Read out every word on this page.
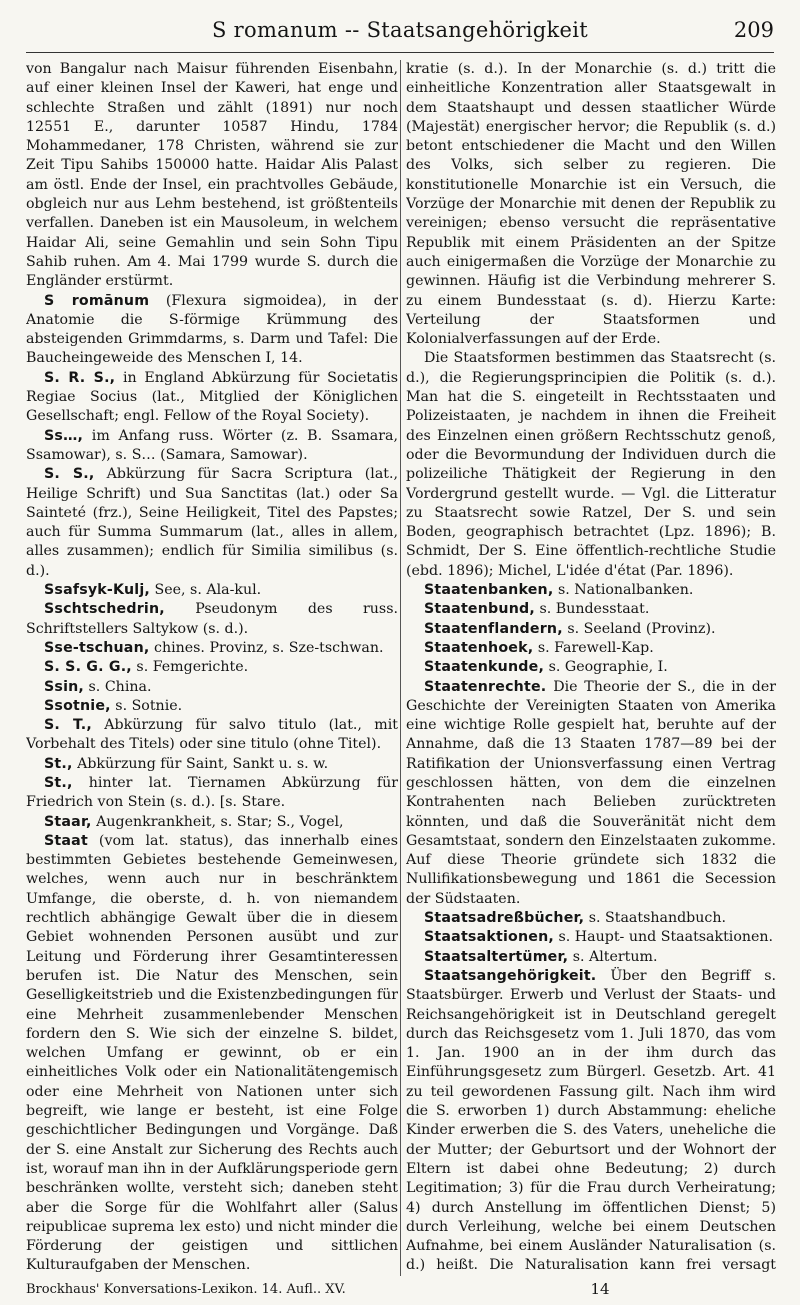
S romanum -- Staatsangehörigkeit	209

von Bangalur nach Maisur führenden Eisenbahn, auf einer kleinen Insel der Kaweri, hat enge und schlechte Straßen und zählt (1891) nur noch 12551 E., darunter 10587 Hindu, 1784 Mohammedaner, 178 Christen, während sie zur Zeit Tipu Sahibs 150000 hatte. Haidar Alis Palast am östl. Ende der Insel, ein prachtvolles Gebäude, obgleich nur aus Lehm bestehend, ist größtenteils verfallen. Daneben ist ein Mausoleum, in welchem Haidar Ali, seine Gemahlin und sein Sohn Tipu Sahib ruhen. Am 4. Mai 1799 wurde S. durch die Engländer erstürmt.

S romānum (Flexura sigmoidea), in der Anatomie die S-förmige Krümmung des absteigenden Grimmdarms, s. Darm und Tafel: Die Baucheingeweide des Menschen I, 14.

S. R. S., in England Abkürzung für Societatis Regiae Socius (lat., Mitglied der Königlichen Gesellschaft; engl. Fellow of the Royal Society).

Ss…, im Anfang russ. Wörter (z. B. Ssamara, Ssamowar), s. S… (Samara, Samowar).

S. S., Abkürzung für Sacra Scriptura (lat., Heilige Schrift) und Sua Sanctitas (lat.) oder Sa Sainteté (frz.), Seine Heiligkeit, Titel des Papstes; auch für Summa Summarum (lat., alles in allem, alles zusammen); endlich für Similia similibus (s. d.).

Ssafsyk-Kulj, See, s. Ala-kul.

Sschtschedrin, Pseudonym des russ. Schriftstellers Saltykow (s. d.).

Sse-tschuan, chines. Provinz, s. Sze-tschwan.

S. S. G. G., s. Femgerichte.

Ssin, s. China.

Ssotnie, s. Sotnie.

S. T., Abkürzung für salvo titulo (lat., mit Vorbehalt des Titels) oder sine titulo (ohne Titel).

St., Abkürzung für Saint, Sankt u. s. w.

St., hinter lat. Tiernamen Abkürzung für Friedrich von Stein (s. d.). [s. Stare.

Staar, Augenkrankheit, s. Star; S., Vogel,

Staat (vom lat. status), das innerhalb eines bestimmten Gebietes bestehende Gemeinwesen, welches, wenn auch nur in beschränktem Umfange, die oberste, d. h. von niemandem rechtlich abhängige Gewalt über die in diesem Gebiet wohnenden Personen ausübt und zur Leitung und Förderung ihrer Gesamtinteressen berufen ist. Die Natur des Menschen, sein Geselligkeitstrieb und die Existenzbedingungen für eine Mehrheit zusammenlebender Menschen fordern den S. Wie sich der einzelne S. bildet, welchen Umfang er gewinnt, ob er ein einheitliches Volk oder ein Nationalitätengemisch oder eine Mehrheit von Nationen unter sich begreift, wie lange er besteht, ist eine Folge geschichtlicher Bedingungen und Vorgänge. Daß der S. eine Anstalt zur Sicherung des Rechts auch ist, worauf man ihn in der Aufklärungsperiode gern beschränken wollte, versteht sich; daneben steht aber die Sorge für die Wohlfahrt aller (Salus reipublicae suprema lex esto) und nicht minder die Förderung der geistigen und sittlichen Kulturaufgaben der Menschen.

kratie (s. d.). In der Monarchie (s. d.) tritt die einheitliche Konzentration aller Staatsgewalt in dem Staatshaupt und dessen staatlicher Würde (Majestät) energischer hervor; die Republik (s. d.) betont entschiedener die Macht und den Willen des Volks, sich selber zu regieren. Die konstitutionelle Monarchie ist ein Versuch, die Vorzüge der Monarchie mit denen der Republik zu vereinigen; ebenso versucht die repräsentative Republik mit einem Präsidenten an der Spitze auch einigermaßen die Vorzüge der Monarchie zu gewinnen. Häufig ist die Verbindung mehrerer S. zu einem Bundesstaat (s. d). Hierzu Karte: Verteilung der Staatsformen und Kolonialverfassungen auf der Erde.

Die Staatsformen bestimmen das Staatsrecht (s. d.), die Regierungsprincipien die Politik (s. d.). Man hat die S. eingeteilt in Rechtsstaaten und Polizeistaaten, je nachdem in ihnen die Freiheit des Einzelnen einen größern Rechtsschutz genoß, oder die Bevormundung der Individuen durch die polizeiliche Thätigkeit der Regierung in den Vordergrund gestellt wurde. — Vgl. die Litteratur zu Staatsrecht sowie Ratzel, Der S. und sein Boden, geographisch betrachtet (Lpz. 1896); B. Schmidt, Der S. Eine öffentlich-rechtliche Studie (ebd. 1896); Michel, L'idée d'état (Par. 1896).

Staatenbanken, s. Nationalbanken.

Staatenbund, s. Bundesstaat.

Staatenflandern, s. Seeland (Provinz).

Staatenhoek, s. Farewell-Kap.

Staatenkunde, s. Geographie, I.

Staatenrechte. Die Theorie der S., die in der Geschichte der Vereinigten Staaten von Amerika eine wichtige Rolle gespielt hat, beruhte auf der Annahme, daß die 13 Staaten 1787—89 bei der Ratifikation der Unionsverfassung einen Vertrag geschlossen hätten, von dem die einzelnen Kontrahenten nach Belieben zurücktreten könnten, und daß die Souveränität nicht dem Gesamtstaat, sondern den Einzelstaaten zukomme. Auf diese Theorie gründete sich 1832 die Nullifikationsbewegung und 1861 die Secession der Südstaaten.

Staatsadreßbücher, s. Staatshandbuch.

Staatsaktionen, s. Haupt- und Staatsaktionen.

Staatsaltertümer, s. Altertum.

Staatsangehörigkeit. Über den Begriff s. Staatsbürger. Erwerb und Verlust der Staats- und Reichsangehörigkeit ist in Deutschland geregelt durch das Reichsgesetz vom 1. Juli 1870, das vom 1. Jan. 1900 an in der ihm durch das Einführungsgesetz zum Bürgerl. Gesetzb. Art. 41 zu teil gewordenen Fassung gilt. Nach ihm wird die S. erworben 1) durch Abstammung: eheliche Kinder erwerben die S. des Vaters, uneheliche die der Mutter; der Geburtsort und der Wohnort der Eltern ist dabei ohne Bedeutung; 2) durch Legitimation; 3) für die Frau durch Verheiratung; 4) durch Anstellung im öffentlichen Dienst; 5) durch Verleihung, welche bei einem Deutschen Aufnahme, bei einem Ausländer Naturalisation (s. d.) heißt. Die Naturalisation kann frei versagt

Brockhaus' Konversations-Lexikon. 14. Aufl.. XV.	14
